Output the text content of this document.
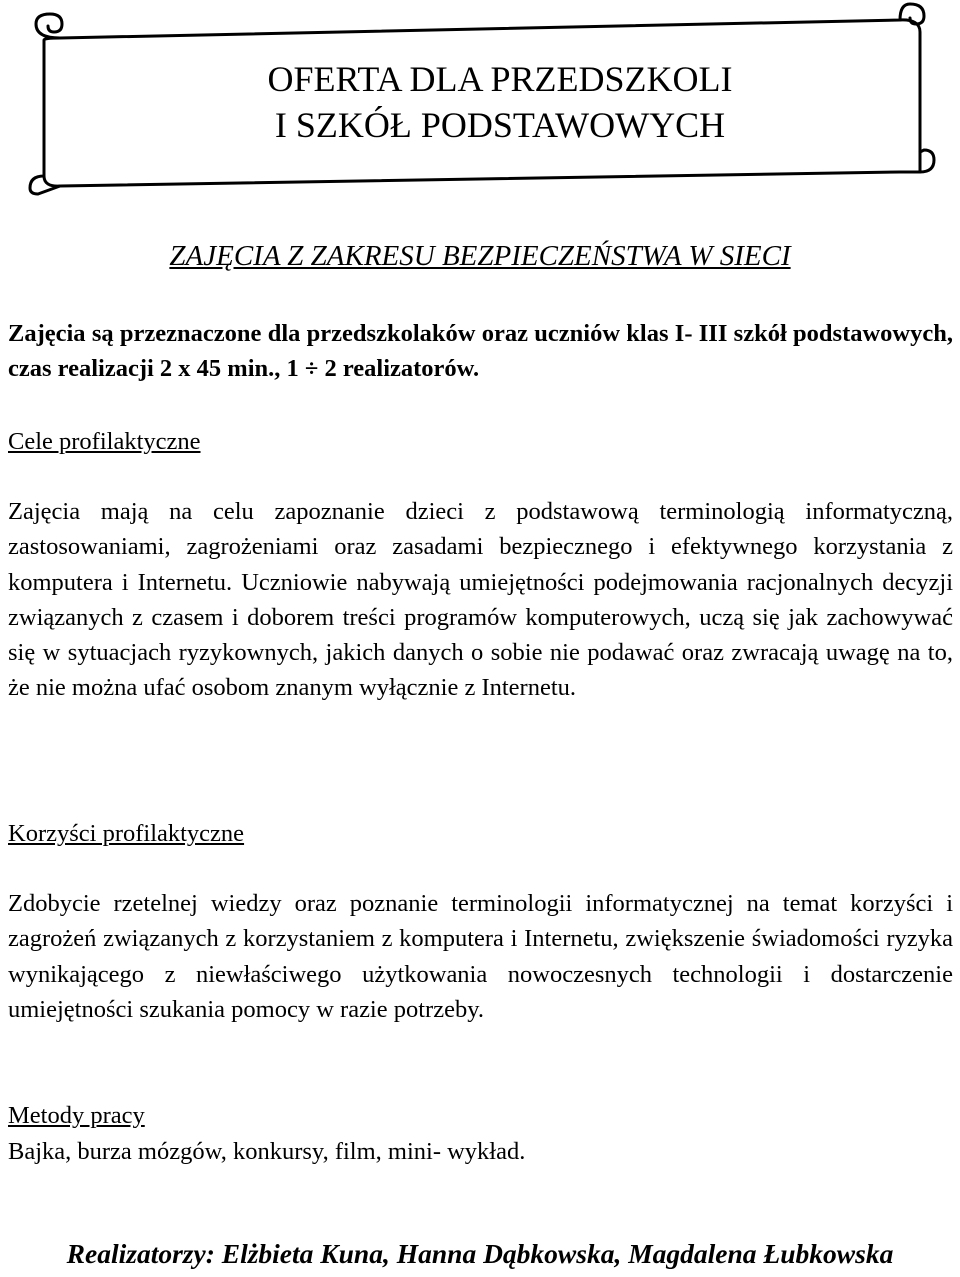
OFERTA DLA PRZEDSZKOLI

I SZKÓŁ PODSTAWOWYCH

ZAJĘCIA Z ZAKRESU BEZPIECZEŃSTWA W SIECI

Zajęcia są przeznaczone dla przedszkolaków oraz uczniów klas I- III szkół podstawowych, czas realizacji 2 x 45 min., 1 ÷ 2 realizatorów.

Cele profilaktyczne

Zajęcia mają na celu zapoznanie dzieci z podstawową terminologią informatyczną, zastosowaniami, zagrożeniami oraz zasadami bezpiecznego i efektywnego korzystania z komputera i Internetu. Uczniowie nabywają umiejętności podejmowania racjonalnych decyzji związanych z czasem i doborem treści programów komputerowych, uczą się jak zachowywać się w sytuacjach ryzykownych, jakich danych o sobie nie podawać oraz zwracają uwagę na to, że nie można ufać osobom znanym wyłącznie z Internetu.

Korzyści profilaktyczne

Zdobycie rzetelnej wiedzy oraz poznanie terminologii informatycznej na temat korzyści i zagrożeń związanych z korzystaniem z komputera i Internetu, zwiększenie świadomości ryzyka wynikającego z niewłaściwego użytkowania nowoczesnych technologii i dostarczenie umiejętności szukania pomocy w razie potrzeby.

Metody pracy

Bajka, burza mózgów, konkursy, film, mini- wykład.

Realizatorzy: Elżbieta Kuna, Hanna Dąbkowska, Magdalena Łubkowska
